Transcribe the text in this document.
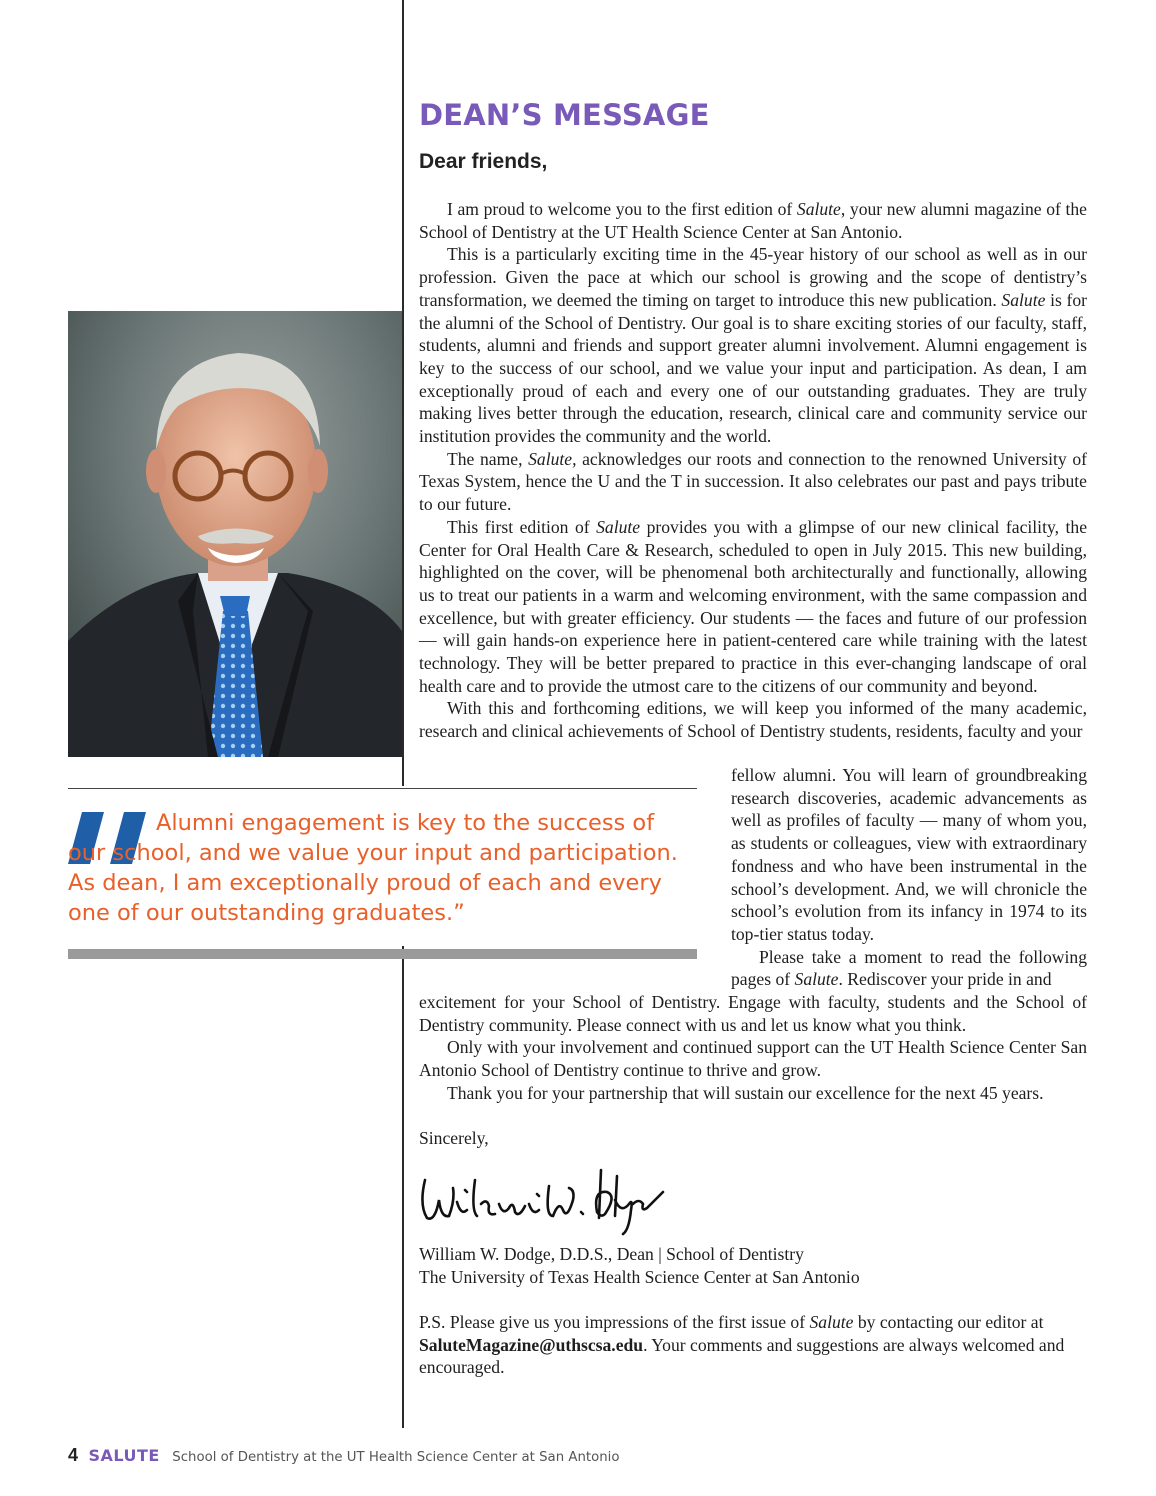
DEAN’S MESSAGE
Dear friends,

I am proud to welcome you to the first edition of Salute, your new alumni magazine of the School of Dentistry at the UT Health Science Center at San Antonio.

This is a particularly exciting time in the 45-year history of our school as well as in our profession. Given the pace at which our school is growing and the scope of dentistry’s transformation, we deemed the timing on target to introduce this new publication. Salute is for the alumni of the School of Dentistry. Our goal is to share exciting stories of our faculty, staff, students, alumni and friends and support greater alumni involvement. Alumni engagement is key to the success of our school, and we value your input and participation. As dean, I am exceptionally proud of each and every one of our outstanding graduates. They are truly making lives better through the education, research, clinical care and community service our institution provides the community and the world.

The name, Salute, acknowledges our roots and connection to the renowned University of Texas System, hence the U and the T in succession. It also celebrates our past and pays tribute to our future.

This first edition of Salute provides you with a glimpse of our new clinical facility, the Center for Oral Health Care & Research, scheduled to open in July 2015. This new building, highlighted on the cover, will be phenomenal both architecturally and functionally, allowing us to treat our patients in a warm and welcoming environment, with the same compassion and excellence, but with greater efficiency. Our students — the faces and future of our profession — will gain hands-on experience here in patient-centered care while training with the latest technology. They will be better prepared to practice in this ever-changing landscape of oral health care and to provide the utmost care to the citizens of our community and beyond.

With this and forthcoming editions, we will keep you informed of the many academic, research and clinical achievements of School of Dentistry students, residents, faculty and your

fellow alumni. You will learn of groundbreaking research discoveries, academic advancements as well as profiles of faculty — many of whom you, as students or colleagues, view with extraordinary fondness and who have been instrumental in the school’s development. And, we will chronicle the school’s evolution from its infancy in 1974 to its top-tier status today.

Please take a moment to read the following pages of Salute. Rediscover your pride in and

excitement for your School of Dentistry. Engage with faculty, students and the School of Dentistry community. Please connect with us and let us know what you think.

Only with your involvement and continued support can the UT Health Science Center San Antonio School of Dentistry continue to thrive and grow.

Thank you for your partnership that will sustain our excellence for the next 45 years.

Alumni engagement is key to the success of our school, and we value your input and participation. As dean, I am exceptionally proud of each and every one of our outstanding graduates.”

Sincerely,
William W. Dodge, D.D.S., Dean | School of Dentistry
The University of Texas Health Science Center at San Antonio
P.S. Please give us you impressions of the first issue of Salute by contacting our editor at SaluteMagazine@uthscsa.edu. Your comments and suggestions are always welcomed and encouraged.
4 SALUTE School of Dentistry at the UT Health Science Center at San Antonio
